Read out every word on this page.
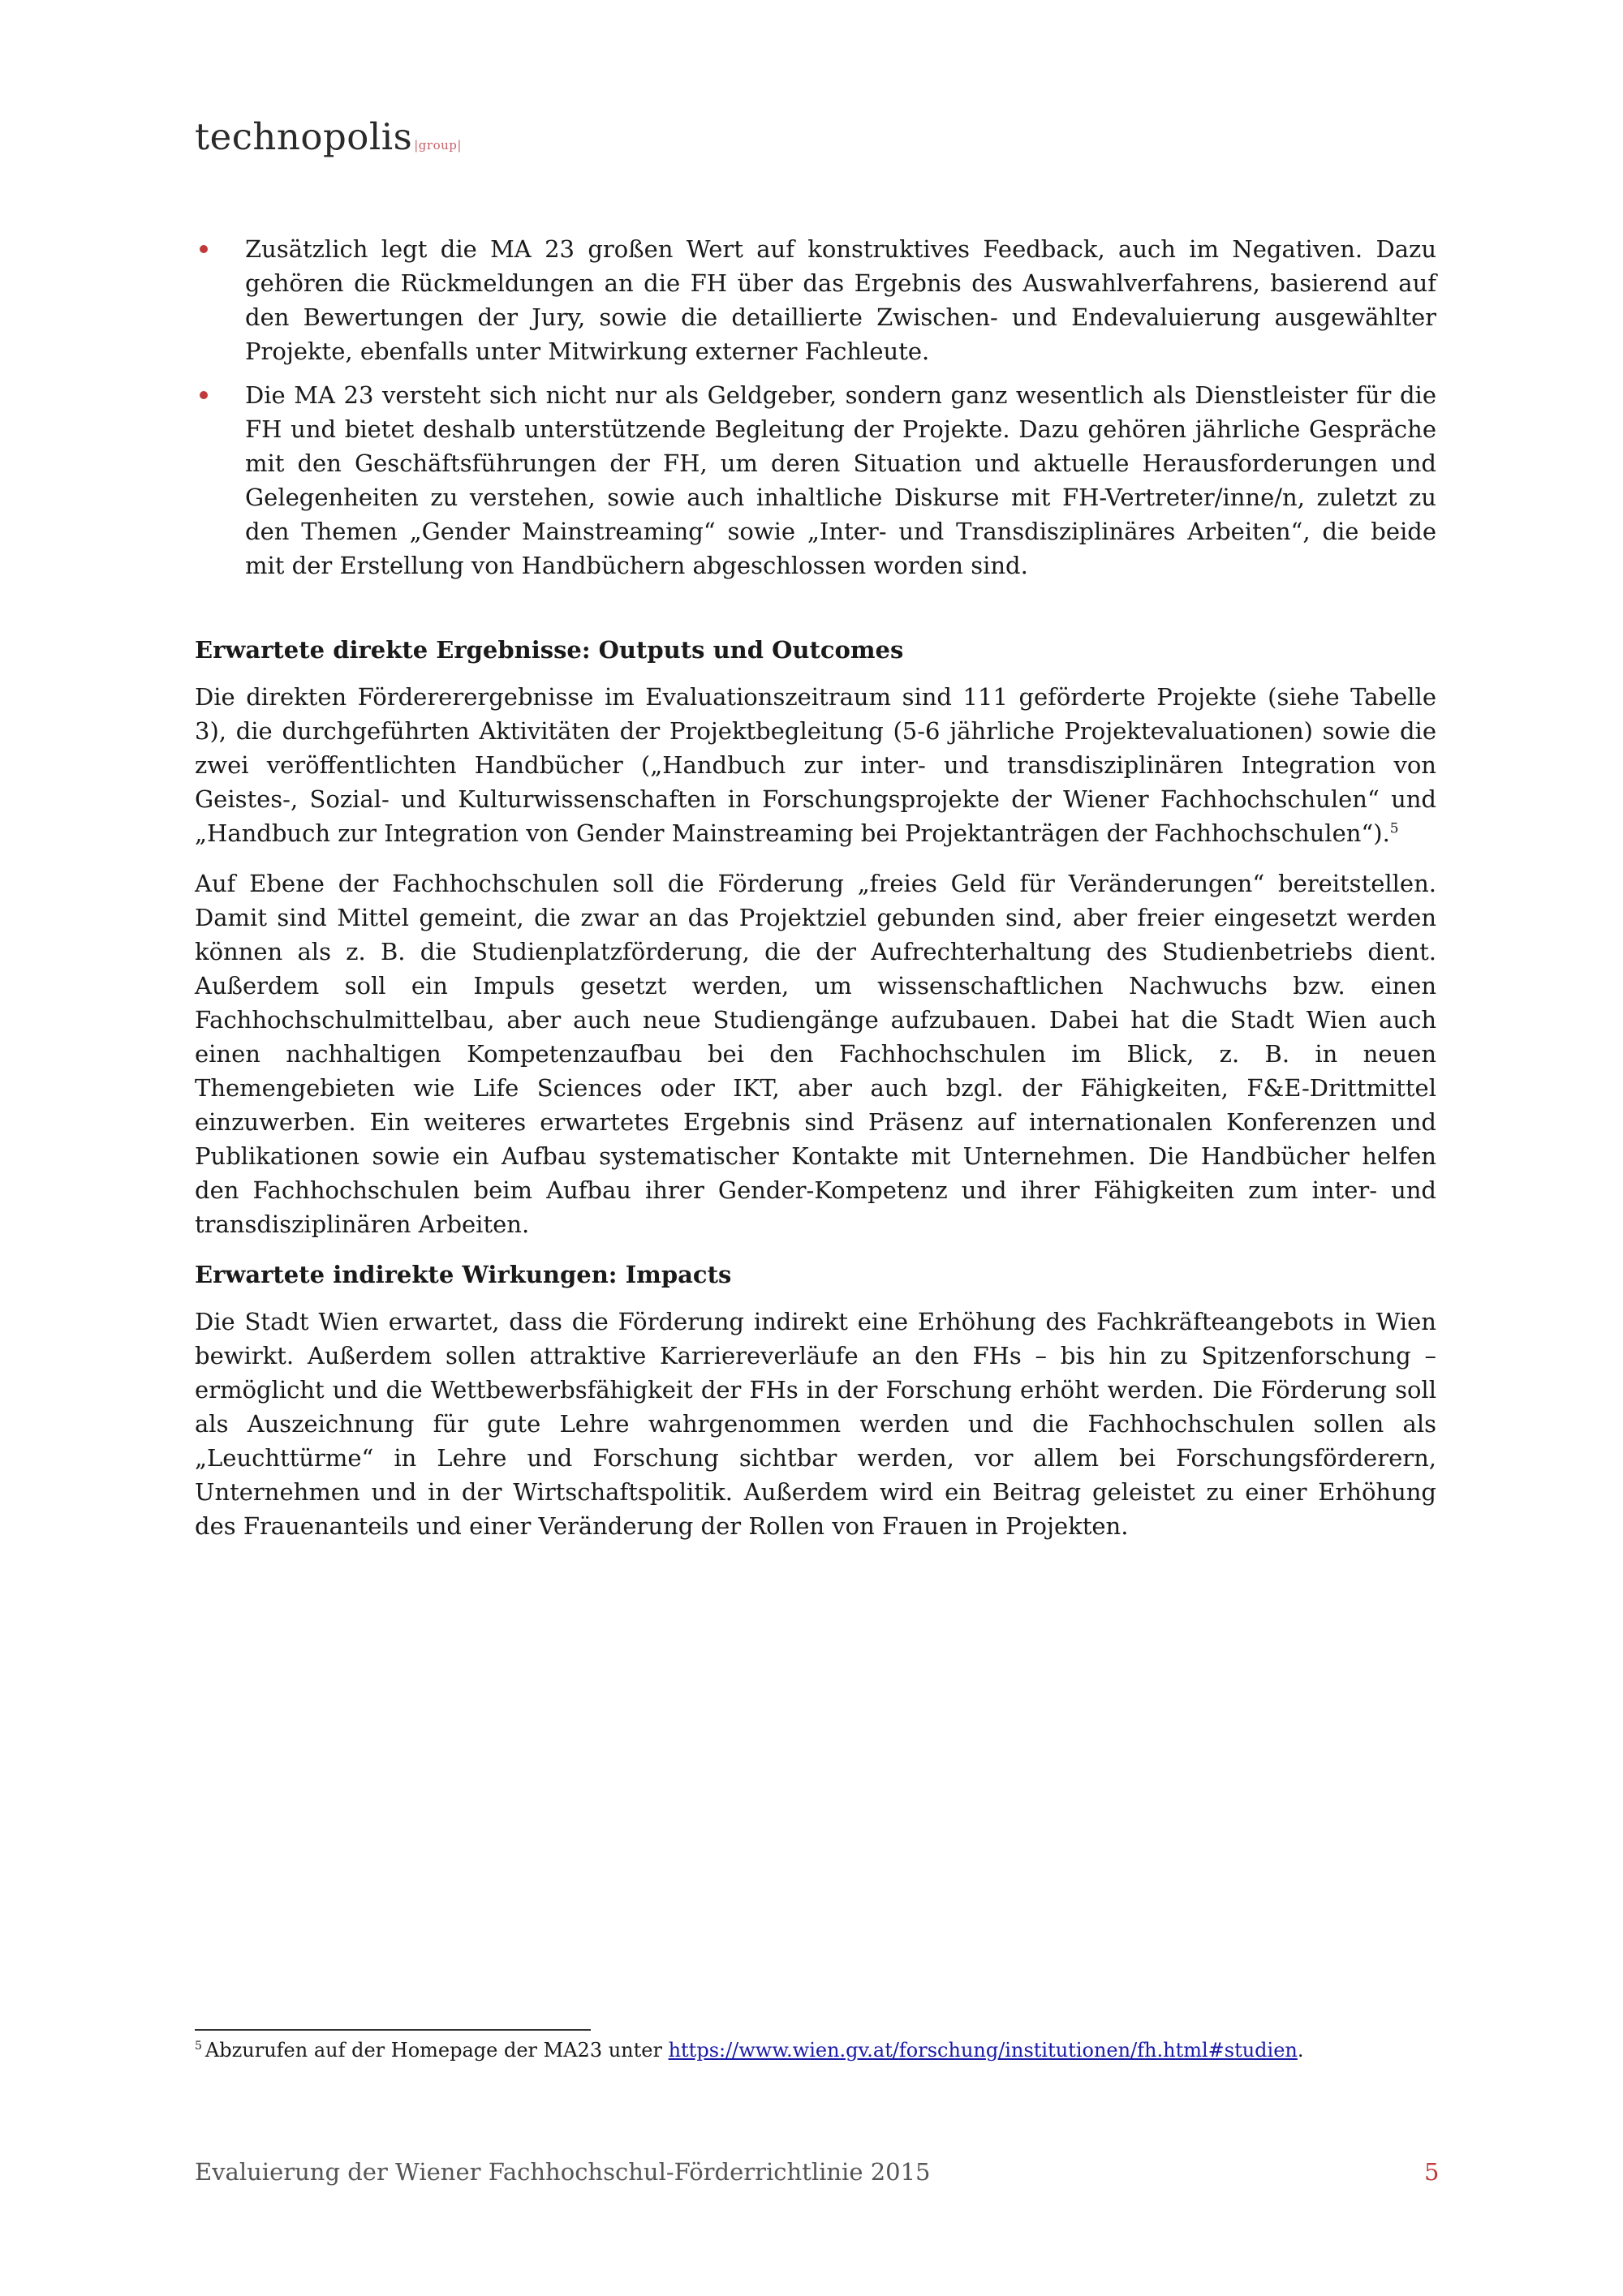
technopolis |group|
Zusätzlich legt die MA 23 großen Wert auf konstruktives Feedback, auch im Negativen. Dazu gehören die Rückmeldungen an die FH über das Ergebnis des Auswahlverfahrens, basierend auf den Bewertungen der Jury, sowie die detaillierte Zwischen- und Endevaluierung ausgewählter Projekte, ebenfalls unter Mitwirkung externer Fachleute.
Die MA 23 versteht sich nicht nur als Geldgeber, sondern ganz wesentlich als Dienstleister für die FH und bietet deshalb unterstützende Begleitung der Projekte. Dazu gehören jährliche Gespräche mit den Geschäftsführungen der FH, um deren Situation und aktuelle Herausforderungen und Gelegenheiten zu verstehen, sowie auch inhaltliche Diskurse mit FH-Vertreter/inne/n, zuletzt zu den Themen „Gender Mainstreaming“ sowie „Inter- und Transdisziplinäres Arbeiten“, die beide mit der Erstellung von Handbüchern abgeschlossen worden sind.
Erwartete direkte Ergebnisse: Outputs und Outcomes

Die direkten Fördererergebnisse im Evaluationszeitraum sind 111 geförderte Projekte (siehe Tabelle 3), die durchgeführten Aktivitäten der Projektbegleitung (5-6 jährliche Projektevaluationen) sowie die zwei veröffentlichten Handbücher („Handbuch zur inter- und transdisziplinären Integration von Geistes-, Sozial- und Kulturwissenschaften in Forschungsprojekte der Wiener Fachhochschulen“ und „Handbuch zur Integration von Gender Mainstreaming bei Projektanträgen der Fachhochschulen“).$^5$

Auf Ebene der Fachhochschulen soll die Förderung „freies Geld für Veränderungen“ bereitstellen. Damit sind Mittel gemeint, die zwar an das Projektziel gebunden sind, aber freier eingesetzt werden können als z. B. die Studienplatzförderung, die der Aufrechterhaltung des Studienbetriebs dient. Außerdem soll ein Impuls gesetzt werden, um wissenschaftlichen Nachwuchs bzw. einen Fachhochschulmittelbau, aber auch neue Studiengänge aufzubauen. Dabei hat die Stadt Wien auch einen nachhaltigen Kompetenzaufbau bei den Fachhochschulen im Blick, z. B. in neuen Themengebieten wie Life Sciences oder IKT, aber auch bzgl. der Fähigkeiten, F&E-Drittmittel einzuwerben. Ein weiteres erwartetes Ergebnis sind Präsenz auf internationalen Konferenzen und Publikationen sowie ein Aufbau systematischer Kontakte mit Unternehmen. Die Handbücher helfen den Fachhochschulen beim Aufbau ihrer Gender-Kompetenz und ihrer Fähigkeiten zum inter- und transdisziplinären Arbeiten.

Erwartete indirekte Wirkungen: Impacts

Die Stadt Wien erwartet, dass die Förderung indirekt eine Erhöhung des Fachkräfteangebots in Wien bewirkt. Außerdem sollen attraktive Karriereverläufe an den FHs – bis hin zu Spitzenforschung – ermöglicht und die Wettbewerbsfähigkeit der FHs in der Forschung erhöht werden. Die Förderung soll als Auszeichnung für gute Lehre wahrgenommen werden und die Fachhochschulen sollen als „Leuchttürme“ in Lehre und Forschung sichtbar werden, vor allem bei Forschungsförderern, Unternehmen und in der Wirtschaftspolitik. Außerdem wird ein Beitrag geleistet zu einer Erhöhung des Frauenanteils und einer Veränderung der Rollen von Frauen in Projekten.

$^5$ Abzurufen auf der Homepage der MA23 unter https://www.wien.gv.at/forschung/institutionen/fh.html#studien.
Evaluierung der Wiener Fachhochschul-Förderrichtlinie 2015	5
